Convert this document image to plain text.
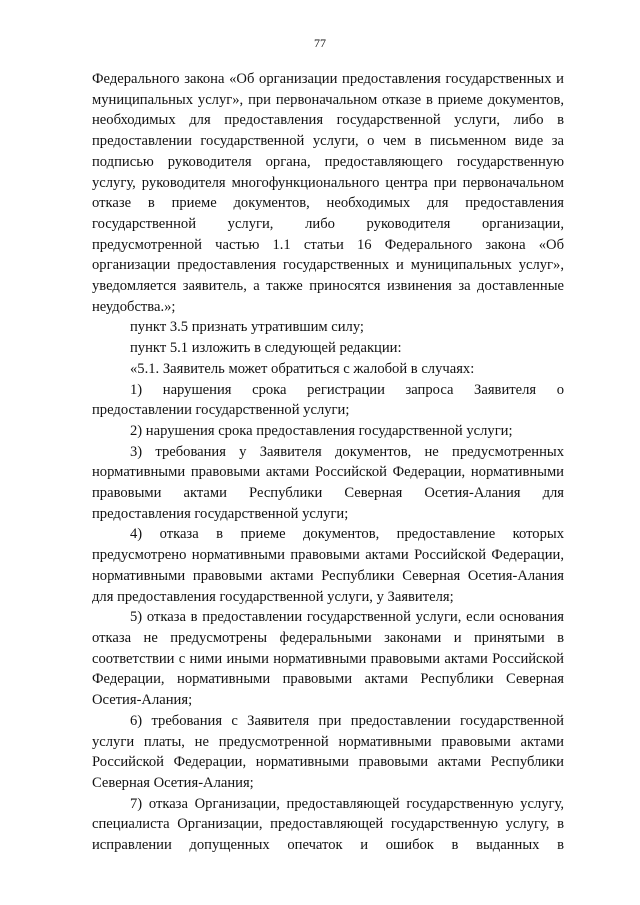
77

Федерального закона «Об организации предоставления государственных и муниципальных услуг», при первоначальном отказе в приеме документов, необходимых для предоставления государственной услуги, либо в предоставлении государственной услуги, о чем в письменном виде за подписью руководителя органа, предоставляющего государственную услугу, руководителя многофункционального центра при первоначальном отказе в приеме документов, необходимых для предоставления государственной услуги, либо руководителя организации, предусмотренной частью 1.1 статьи 16 Федерального закона «Об организации предоставления государственных и муниципальных услуг», уведомляется заявитель, а также приносятся извинения за доставленные неудобства.»;

пункт 3.5 признать утратившим силу;

пункт 5.1 изложить в следующей редакции:

«5.1. Заявитель может обратиться с жалобой в случаях:

1) нарушения срока регистрации запроса Заявителя о предоставлении государственной услуги;

2) нарушения срока предоставления государственной услуги;

3) требования у Заявителя документов, не предусмотренных нормативными правовыми актами Российской Федерации, нормативными правовыми актами Республики Северная Осетия-Алания для предоставления государственной услуги;

4) отказа в приеме документов, предоставление которых предусмотрено нормативными правовыми актами Российской Федерации, нормативными правовыми актами Республики Северная Осетия-Алания для предоставления государственной услуги, у Заявителя;

5) отказа в предоставлении государственной услуги, если основания отказа не предусмотрены федеральными законами и принятыми в соответствии с ними иными нормативными правовыми актами Российской Федерации, нормативными правовыми актами Республики Северная Осетия-Алания;

6) требования с Заявителя при предоставлении государственной услуги платы, не предусмотренной нормативными правовыми актами Российской Федерации, нормативными правовыми актами Республики Северная Осетия-Алания;

7) отказа Организации, предоставляющей государственную услугу, специалиста Организации, предоставляющей государственную услугу, в исправлении допущенных опечаток и ошибок в выданных в
